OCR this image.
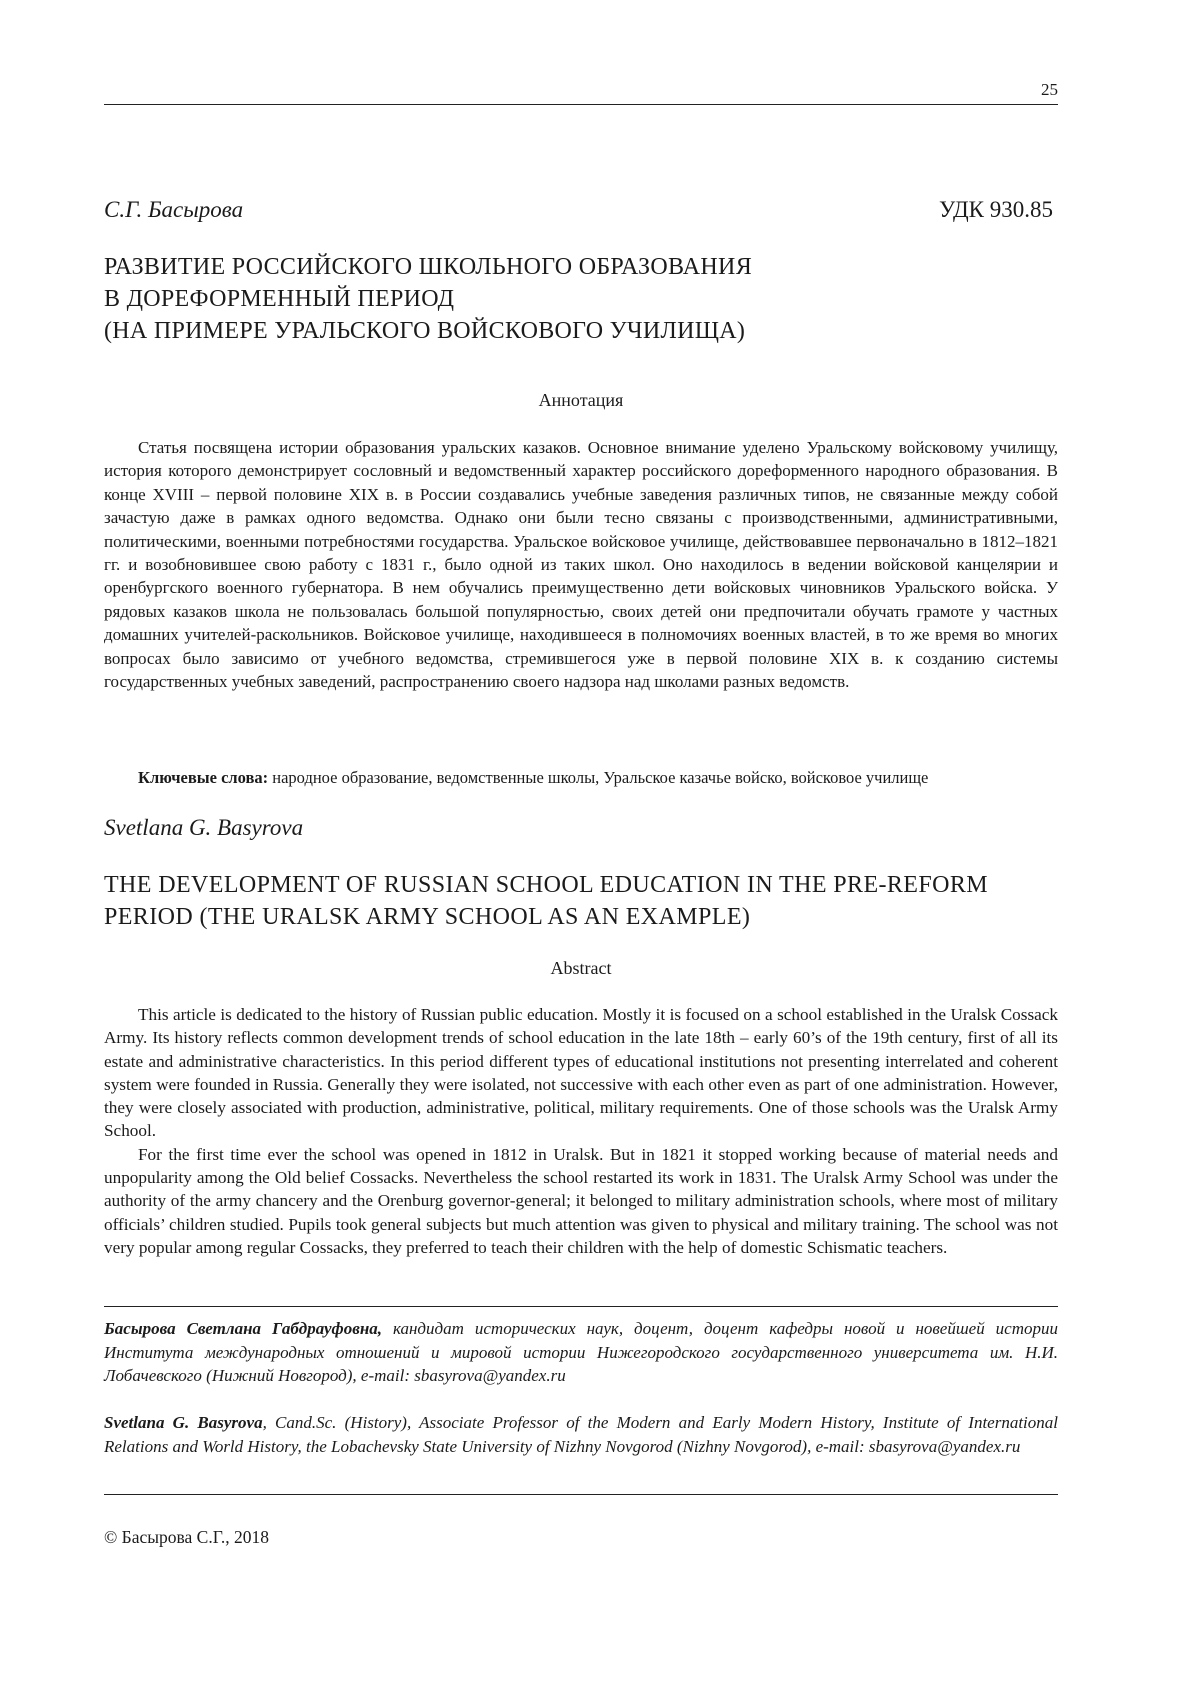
25
С.Г. Басырова	УДК 930.85
РАЗВИТИЕ РОССИЙСКОГО ШКОЛЬНОГО ОБРАЗОВАНИЯ
В ДОРЕФОРМЕННЫЙ ПЕРИОД
(НА ПРИМЕРЕ УРАЛЬСКОГО ВОЙСКОВОГО УЧИЛИЩА)
Аннотация

Статья посвящена истории образования уральских казаков. Основное внимание уделено Уральскому войсковому училищу, история которого демонстрирует сословный и ведомственный характер российского дореформенного народного образования. В конце XVIII – первой половине XIX в. в России создавались учебные заведения различных типов, не связанные между собой зачастую даже в рамках одного ведомства. Однако они были тесно связаны с производственными, административными, политическими, военными потребностями государства. Уральское войсковое училище, действовавшее первоначально в 1812–1821 гг. и возобновившее свою работу с 1831 г., было одной из таких школ. Оно находилось в ведении войсковой канцелярии и оренбургского военного губернатора. В нем обучались преимущественно дети войсковых чиновников Уральского войска. У рядовых казаков школа не пользовалась большой популярностью, своих детей они предпочитали обучать грамоте у частных домашних учителей-раскольников. Войсковое училище, находившееся в полномочиях военных властей, в то же время во многих вопросах было зависимо от учебного ведомства, стремившегося уже в первой половине XIX в. к созданию системы государственных учебных заведений, распространению своего надзора над школами разных ведомств.

Ключевые слова: народное образование, ведомственные школы, Уральское казачье войско, войсковое училище
Svetlana G. Basyrova
THE DEVELOPMENT OF RUSSIAN SCHOOL EDUCATION IN THE PRE-REFORM
PERIOD (THE URALSK ARMY SCHOOL AS AN EXAMPLE)
Abstract

This article is dedicated to the history of Russian public education. Mostly it is focused on a school established in the Uralsk Cossack Army. Its history reflects common development trends of school education in the late 18th – early 60’s of the 19th century, first of all its estate and administrative characteristics. In this period different types of educational institutions not presenting interrelated and coherent system were founded in Russia. Generally they were isolated, not successive with each other even as part of one administration. However, they were closely associated with production, administrative, political, military requirements. One of those schools was the Uralsk Army School.

For the first time ever the school was opened in 1812 in Uralsk. But in 1821 it stopped working because of material needs and unpopularity among the Old belief Cossacks. Nevertheless the school restarted its work in 1831. The Uralsk Army School was under the authority of the army chancery and the Orenburg governor-general; it belonged to military administration schools, where most of military officials’ children studied. Pupils took general subjects but much attention was given to physical and military training. The school was not very popular among regular Cossacks, they preferred to teach their children with the help of domestic Schismatic teachers.

Басырова Светлана Габдрауфовна, кандидат исторических наук, доцент, доцент кафедры новой и новейшей истории Института международных отношений и мировой истории Нижегородского государственного университета им. Н.И. Лобачевского (Нижний Новгород), e-mail: sbasyrova@yandex.ru

Svetlana G. Basyrova, Cand.Sc. (History), Associate Professor of the Modern and Early Modern History, Institute of International Relations and World History, the Lobachevsky State University of Nizhny Novgorod (Nizhny Novgorod), e-mail: sbasyrova@yandex.ru

© Басырова С.Г., 2018
